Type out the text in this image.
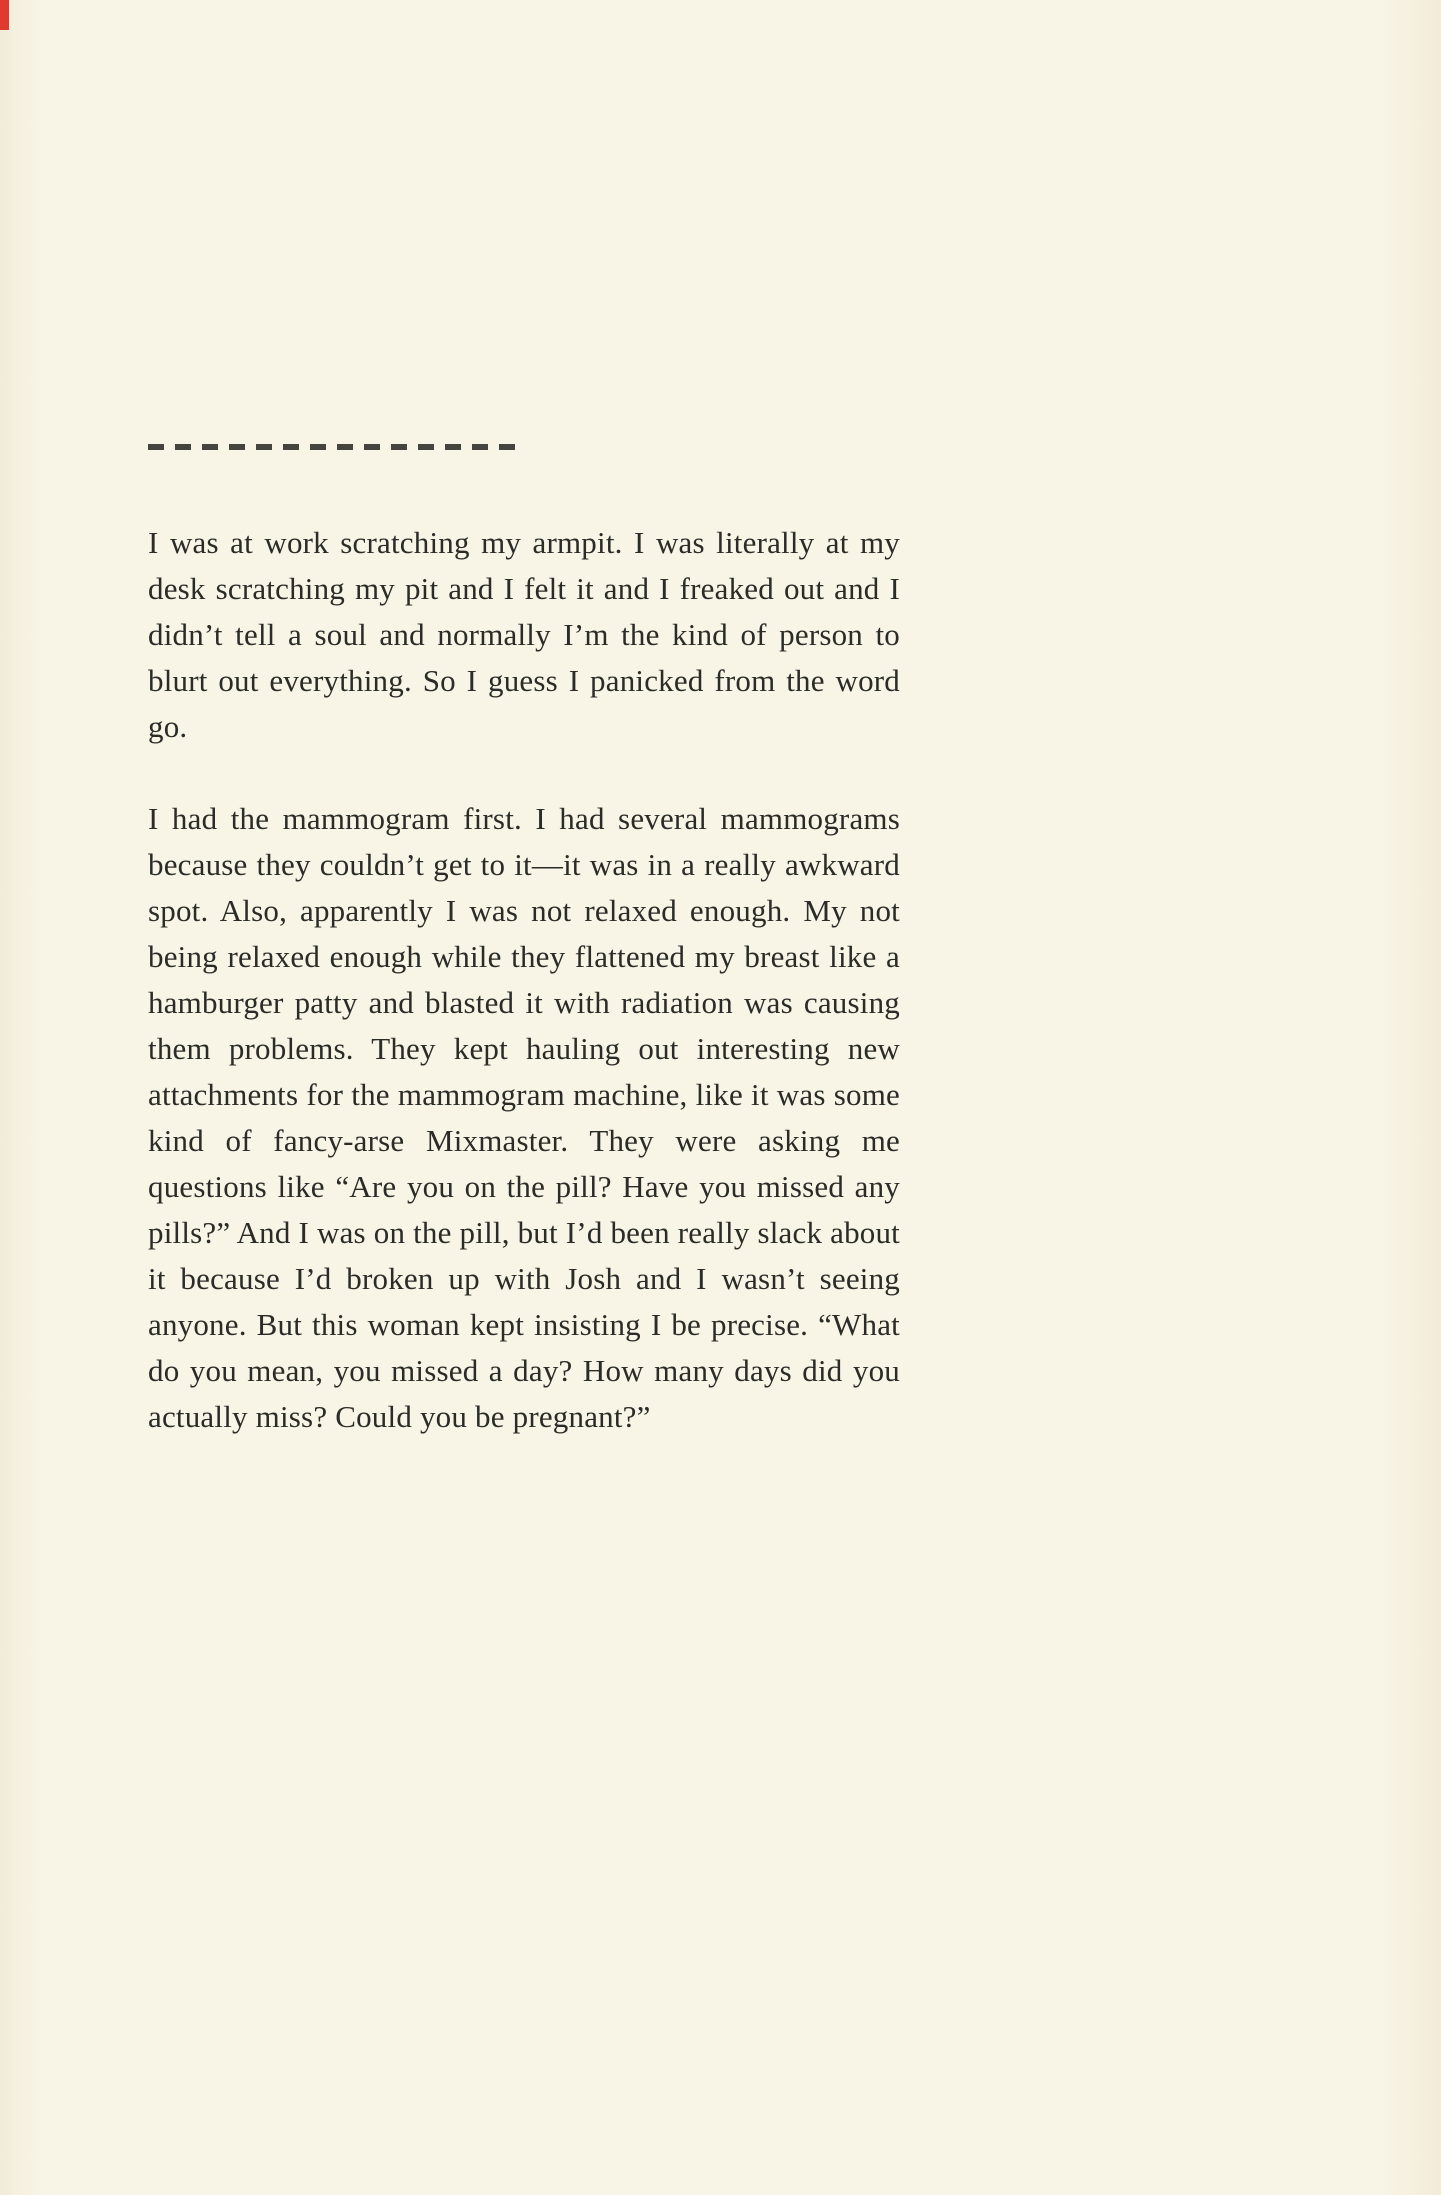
I was at work scratching my armpit. I was literally at my desk scratching my pit and I felt it and I freaked out and I didn’t tell a soul and normally I’m the kind of person to blurt out everything. So I guess I panicked from the word go.

I had the mammogram first. I had several mammograms because they couldn’t get to it—it was in a really awkward spot. Also, apparently I was not relaxed enough. My not being relaxed enough while they flattened my breast like a hamburger patty and blasted it with radiation was causing them problems. They kept hauling out interesting new attachments for the mammogram machine, like it was some kind of fancy-arse Mixmaster. They were asking me questions like “Are you on the pill? Have you missed any pills?” And I was on the pill, but I’d been really slack about it because I’d broken up with Josh and I wasn’t seeing anyone. But this woman kept insisting I be precise. “What do you mean, you missed a day? How many days did you actually miss? Could you be pregnant?”
